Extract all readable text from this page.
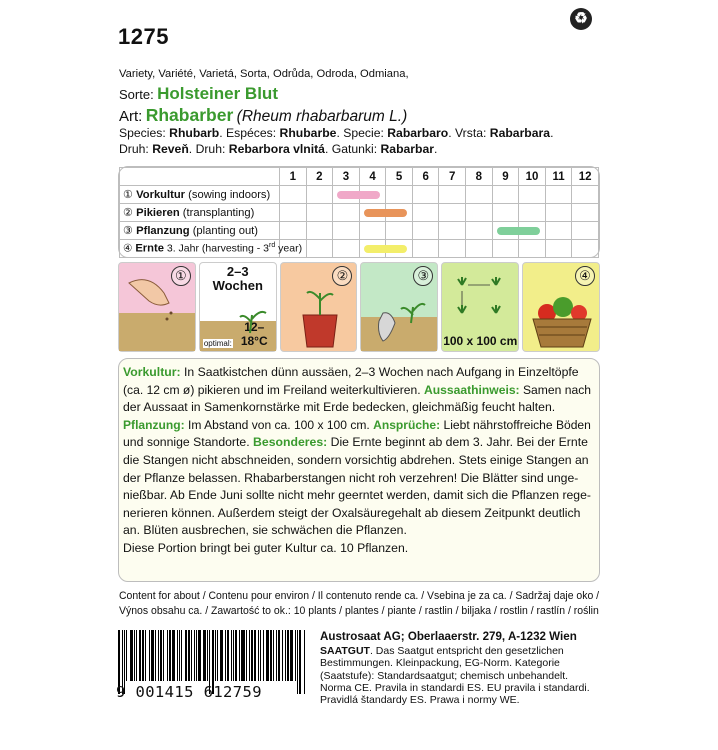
1275
♻
Variety, Variété, Varietá, Sorta, Odrůda, Odroda, Odmiana,
Sorte: Holsteiner Blut
Art: Rhabarber (Rheum rhabarbarum L.)
Species: Rhubarb. Espéces: Rhubarbe. Specie: Rabarbaro. Vrsta: Rabarbara.
Druh: Reveň. Druh: Rebarbora vlnitá. Gatunki: Rabarbar.
	1	2	3	4	5	6	7	8	9	10	11	12
① Vorkultur (sowing indoors)			

② Pikieren (transplanting)				

③ Pflanzung (planting out)									

④ Ernte 3. Jahr (harvesting - 3rd year)				

①	2–3
Wochen
optimal:
12–18°C
②	③
100 x 100 cm
④

Vorkultur: In Saatkistchen dünn aussäen, 2–3 Wochen nach Aufgang in Einzeltöpfe

(ca. 12 cm ø) pikieren und im Freiland weiterkultivieren. Aussaathinweis: Samen nach

der Aussaat in Samenkornstärke mit Erde bedecken, gleichmäßig feucht halten.

Pflanzung: Im Abstand von ca. 100 x 100 cm. Ansprüche: Liebt nährstoffreiche Böden

und sonnige Standorte. Besonderes: Die Ernte beginnt ab dem 3. Jahr. Bei der Ernte

die Stangen nicht abschneiden, sondern vorsichtig abdrehen. Stets einige Stangen an

der Pflanze belassen. Rhabarberstangen nicht roh verzehren! Die Blätter sind unge-

nießbar. Ab Ende Juni sollte nicht mehr geerntet werden, damit sich die Pflanzen rege-

nerieren können. Außerdem steigt der Oxalsäuregehalt ab diesem Zeitpunkt deutlich

an. Blüten ausbrechen, sie schwächen die Pflanzen.

Diese Portion bringt bei guter Kultur ca. 10 Pflanzen.

Content for about / Contenu pour environ / Il contenuto rende ca. / Vsebina je za ca. / Sadržaj daje oko /
Výnos obsahu ca. / Zawartość to ok.: 10 plants / plantes / piante / rastlin / biljaka / rostlin / rastlín / roślin
9 001415 612759
Austrosaat AG; Oberlaaerstr. 279, A-1232 Wien

SAATGUT. Das Saatgut entspricht den gesetzlichen

Bestimmungen. Kleinpackung, EG-Norm. Kategorie

(Saatstufe): Standardsaatgut; chemisch unbehandelt.

Norma CE. Pravila in standardi ES. EU pravila i standardi.

Pravidlá štandardy ES. Prawa i normy WE.
